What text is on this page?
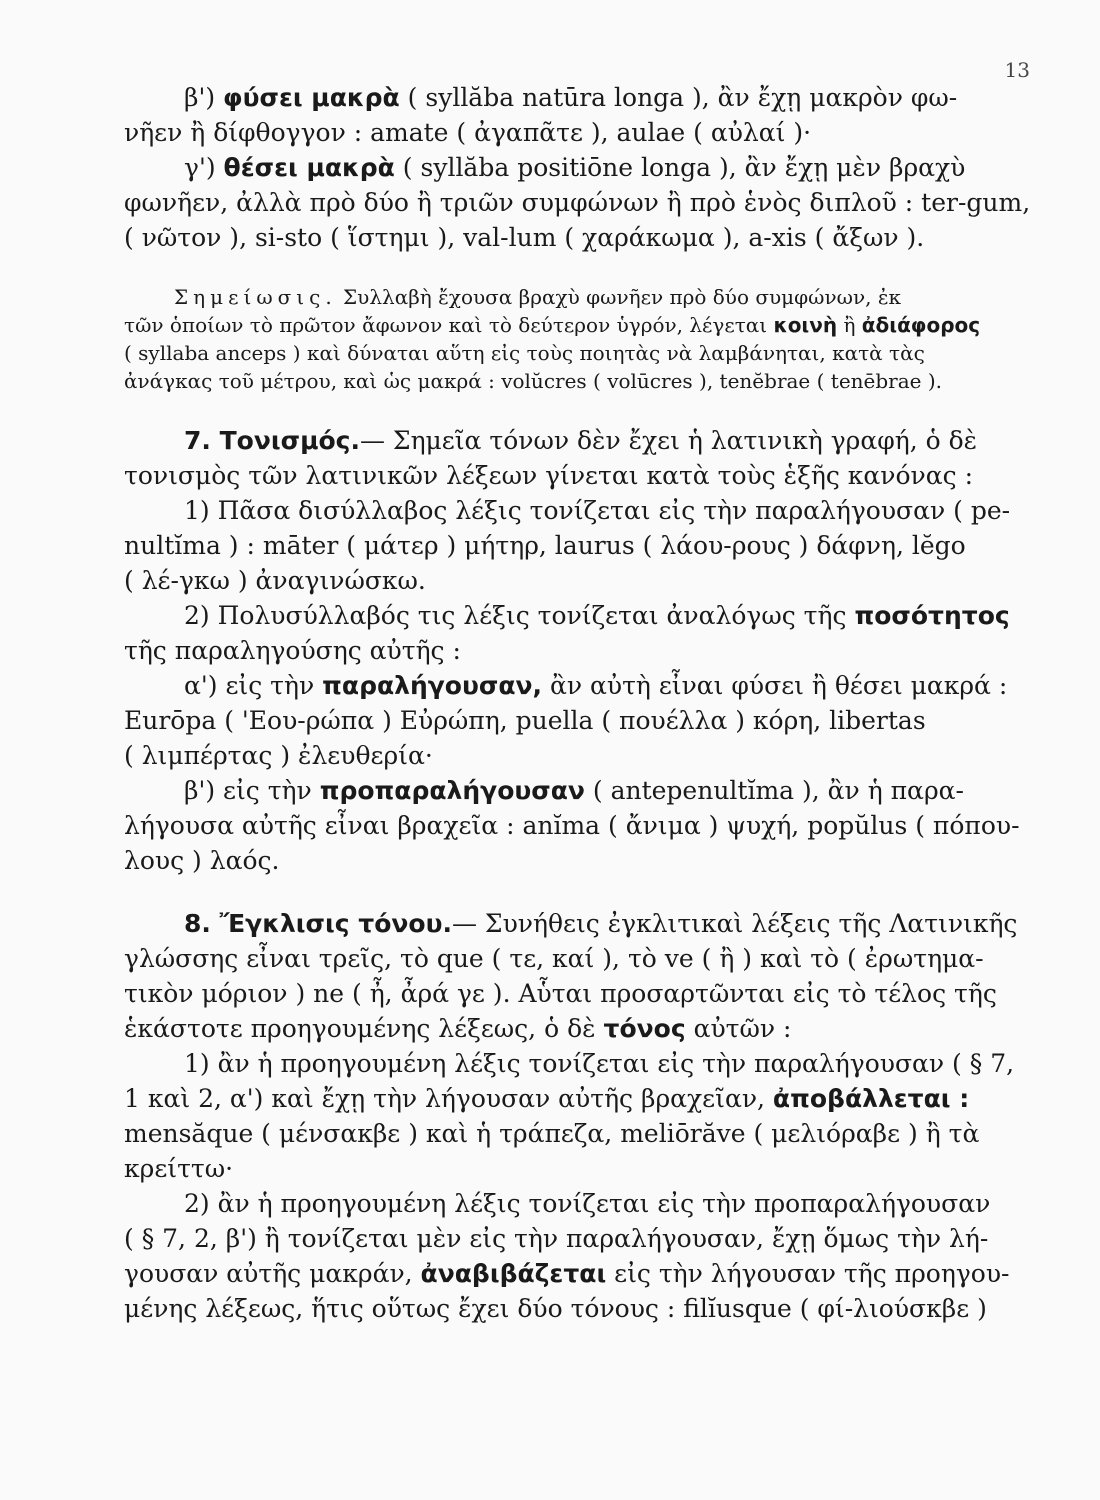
13
β') φύσει μακρὰ ( syllăba natūra longa ), ἂν ἔχῃ μακρὸν φω-
νῆεν ἢ δίφθογγον : amate ( ἀγαπᾶτε ), aulae ( αὐλαί )·
γ') θέσει μακρὰ ( syllăba positiōne longa ), ἂν ἔχῃ μὲν βραχὺ
φωνῆεν, ἀλλὰ πρὸ δύο ἢ τριῶν συμφώνων ἢ πρὸ ἑνὸς διπλοῦ : ter-gum,
( νῶτον ), si-sto ( ἵστημι ), val-lum ( χαράκωμα ), a-xis ( ἄξων ).
Σημείωσις. Συλλαβὴ ἔχουσα βραχὺ φωνῆεν πρὸ δύο συμφώνων, ἐκ
τῶν ὁποίων τὸ πρῶτον ἄφωνον καὶ τὸ δεύτερον ὑγρόν, λέγεται κοινὴ ἢ ἀδιάφορος
( syllaba anceps ) καὶ δύναται αὕτη εἰς τοὺς ποιητὰς νὰ λαμβάνηται, κατὰ τὰς
ἀνάγκας τοῦ μέτρου, καὶ ὡς μακρά : volŭcres ( volūcres ), tenĕbrae ( tenēbrae ).
7. Τονισμός.— Σημεῖα τόνων δὲν ἔχει ἡ λατινικὴ γραφή, ὁ δὲ
τονισμὸς τῶν λατινικῶν λέξεων γίνεται κατὰ τοὺς ἑξῆς κανόνας :
1) Πᾶσα δισύλλαβος λέξις τονίζεται εἰς τὴν παραλήγουσαν ( pe-
nultĭma ) : māter ( μάτερ ) μήτηρ, laurus ( λάου-ρους ) δάφνη, lĕgo
( λέ-γκω ) ἀναγινώσκω.
2) Πολυσύλλαβός τις λέξις τονίζεται ἀναλόγως τῆς ποσότητος
τῆς παραληγούσης αὐτῆς :
α') εἰς τὴν παραλήγουσαν, ἂν αὐτὴ εἶναι φύσει ἢ θέσει μακρά :
Eurōpa ( 'Εου-ρώπα ) Εὐρώπη, puella ( πουέλλα ) κόρη, libertas
( λιμπέρτας ) ἐλευθερία·
β') εἰς τὴν προπαραλήγουσαν ( antepenultĭma ), ἂν ἡ παρα-
λήγουσα αὐτῆς εἶναι βραχεῖα : anĭma ( ἄνιμα ) ψυχή, popŭlus ( πόπου-
λους ) λαός.
8. Ἔγκλισις τόνου.— Συνήθεις ἐγκλιτικαὶ λέξεις τῆς Λατινικῆς
γλώσσης εἶναι τρεῖς, τὸ que ( τε, καί ), τὸ ve ( ἢ ) καὶ τὸ ( ἐρωτημα-
τικὸν μόριον ) ne ( ἦ, ἆρά γε ). Αὗται προσαρτῶνται εἰς τὸ τέλος τῆς
ἑκάστοτε προηγουμένης λέξεως, ὁ δὲ τόνος αὐτῶν :
1) ἂν ἡ προηγουμένη λέξις τονίζεται εἰς τὴν παραλήγουσαν ( § 7,
1 καὶ 2, α') καὶ ἔχῃ τὴν λήγουσαν αὐτῆς βραχεῖαν, ἀποβάλλεται :
mensăque ( μένσακβε ) καὶ ἡ τράπεζα, meliōrăve ( μελιόραβε ) ἢ τὰ
κρείττω·
2) ἂν ἡ προηγουμένη λέξις τονίζεται εἰς τὴν προπαραλήγουσαν
( § 7, 2, β') ἢ τονίζεται μὲν εἰς τὴν παραλήγουσαν, ἔχῃ ὅμως τὴν λή-
γουσαν αὐτῆς μακράν, ἀναβιβάζεται εἰς τὴν λήγουσαν τῆς προηγου-
μένης λέξεως, ἥτις οὕτως ἔχει δύο τόνους : filĭusque ( φί-λιούσκβε )
